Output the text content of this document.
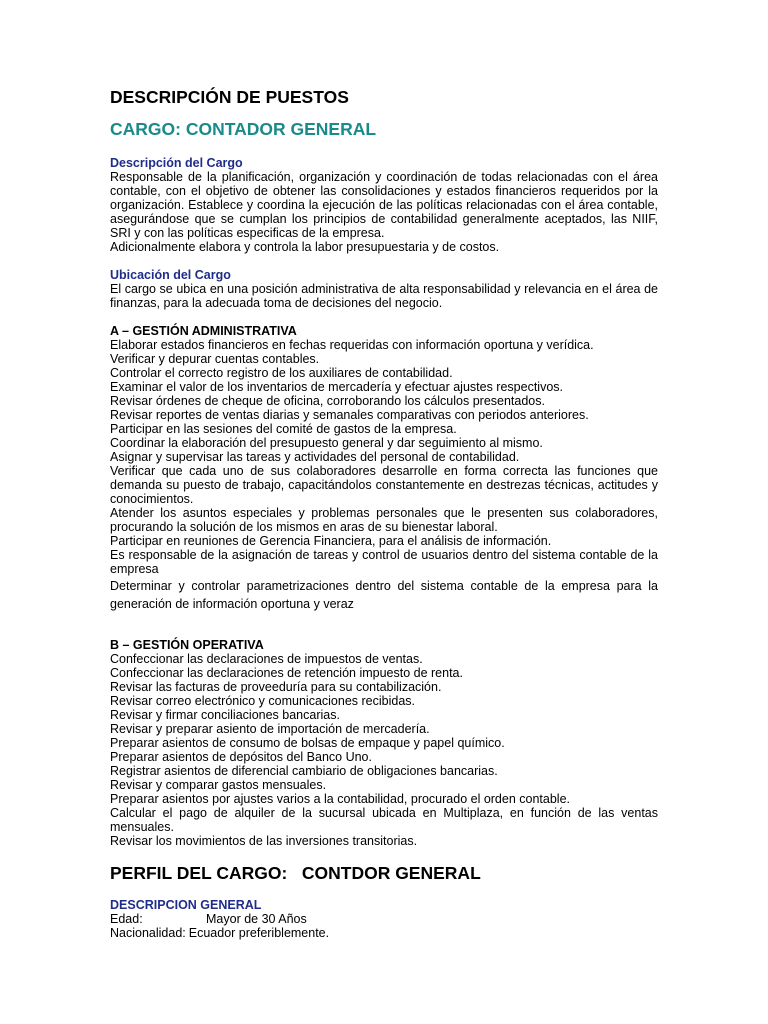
DESCRIPCIÓN DE PUESTOS
CARGO: CONTADOR GENERAL
Descripción del Cargo

Responsable de la planificación, organización y coordinación de todas relacionadas con el área contable, con el objetivo de obtener las consolidaciones y estados financieros requeridos por la organización. Establece y coordina la ejecución de las políticas relacionadas con el área contable, asegurándose que se cumplan los principios de contabilidad generalmente aceptados, las NIIF, SRI y con las políticas especificas de la empresa.

Adicionalmente elabora y controla la labor presupuestaria y de costos.

Ubicación del Cargo

El cargo se ubica en una posición administrativa de alta responsabilidad y relevancia en el área de finanzas, para la adecuada toma de decisiones del negocio.

A – GESTIÓN ADMINISTRATIVA
Elaborar estados financieros en fechas requeridas con información oportuna y verídica.
Verificar y depurar cuentas contables.
Controlar el correcto registro de los auxiliares de contabilidad.
Examinar el valor de los inventarios de mercadería y efectuar ajustes respectivos.
Revisar órdenes de cheque de oficina, corroborando los cálculos presentados.
Revisar reportes de ventas diarias y semanales comparativas con periodos anteriores.
Participar en las sesiones del comité de gastos de la empresa.
Coordinar la elaboración del presupuesto general y dar seguimiento al mismo.
Asignar y supervisar las tareas y actividades del personal de contabilidad.
Verificar que cada uno de sus colaboradores desarrolle en forma correcta las funciones que demanda su puesto de trabajo, capacitándolos constantemente en destrezas técnicas, actitudes y conocimientos.
Atender los asuntos especiales y problemas personales que le presenten sus colaboradores, procurando la solución de los mismos en aras de su bienestar laboral.
Participar en reuniones de Gerencia Financiera, para el análisis de información.
Es responsable de la asignación de tareas y control de usuarios dentro del sistema contable de la empresa
Determinar y controlar parametrizaciones dentro del sistema contable de la empresa para la generación de información oportuna y veraz
B – GESTIÓN OPERATIVA
Confeccionar las declaraciones de impuestos de ventas.
Confeccionar las declaraciones de retención impuesto de renta.
Revisar las facturas de proveeduría para su contabilización.
Revisar correo electrónico y comunicaciones recibidas.
Revisar y firmar conciliaciones bancarias.
Revisar y preparar asiento de importación de mercadería.
Preparar asientos de consumo de bolsas de empaque y papel químico.
Preparar asientos de depósitos del Banco Uno.
Registrar asientos de diferencial cambiario de obligaciones bancarias.
Revisar y comparar gastos mensuales.
Preparar asientos por ajustes varios a la contabilidad, procurado el orden contable.
Calcular el pago de alquiler de la sucursal ubicada en Multiplaza, en función de las ventas mensuales.
Revisar los movimientos de las inversiones transitorias.
PERFIL DEL CARGO:   CONTDOR GENERAL
DESCRIPCION GENERAL
Edad:	Mayor de 30 Años
Nacionalidad: Ecuador preferiblemente.
